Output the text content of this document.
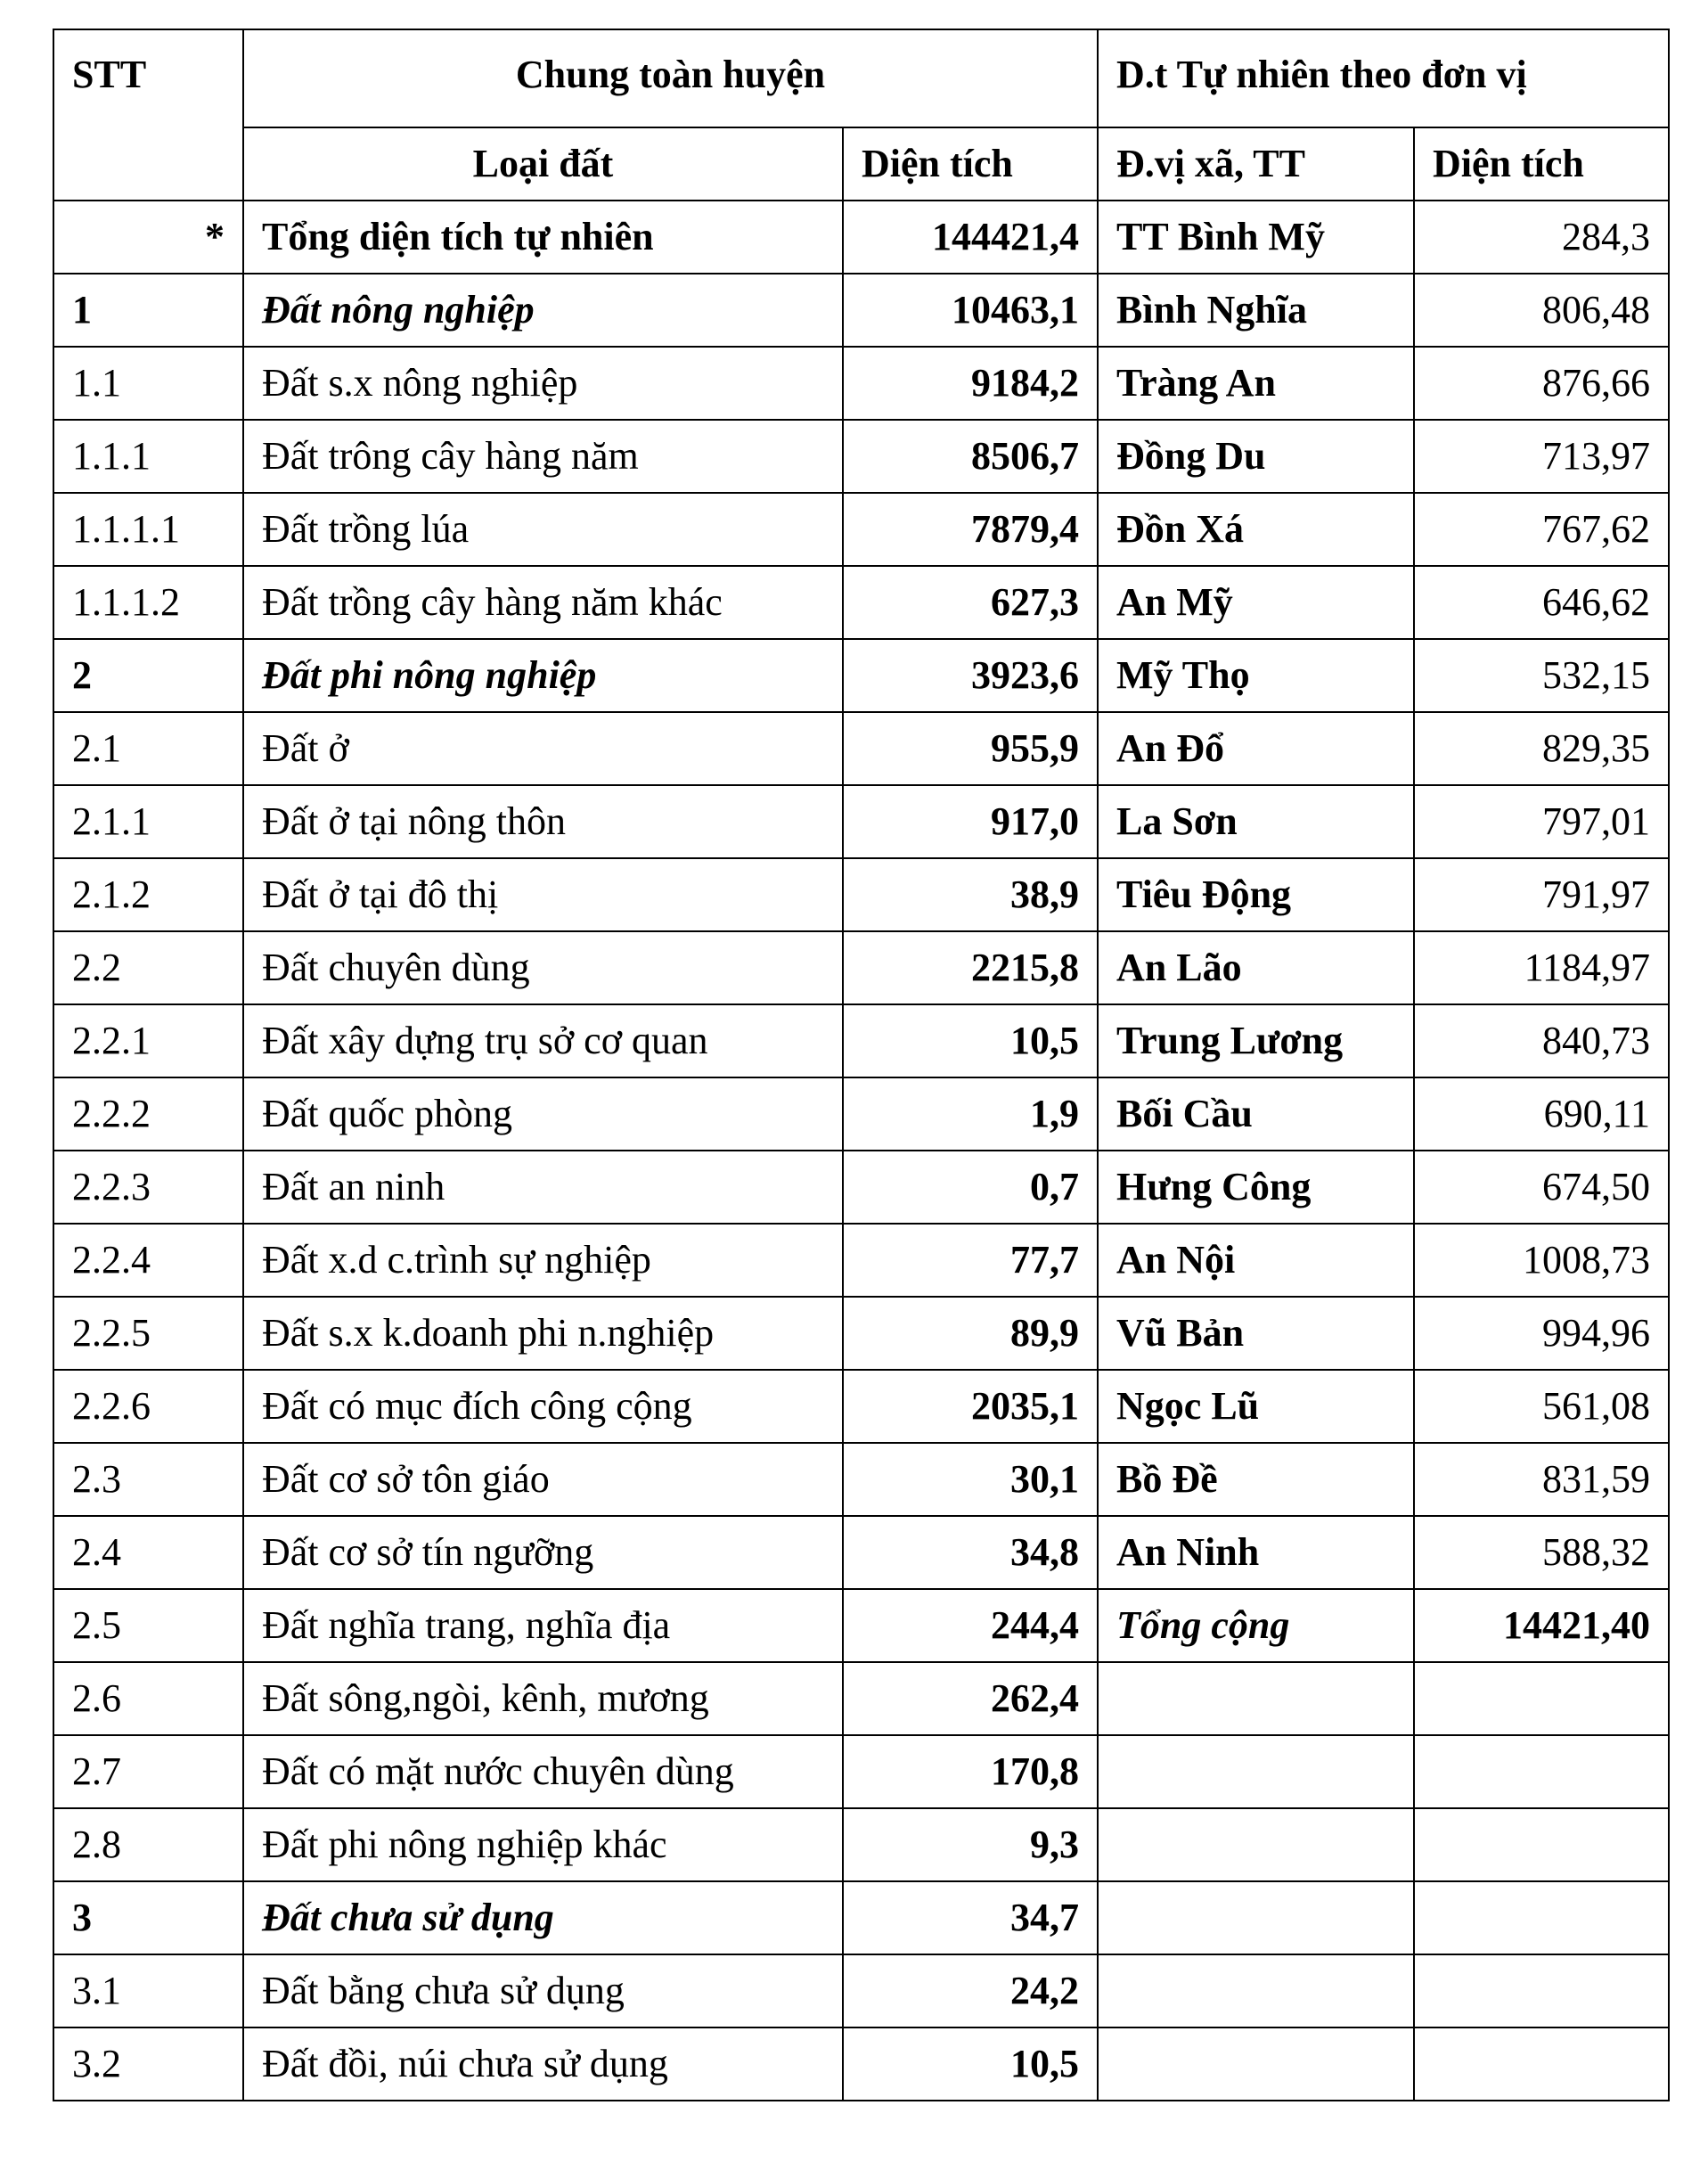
STT	Chung toàn huyện		D.t Tự nhiên theo đơn vị	
	Loại đất	Diện tích	Đ.vị xã, TT	Diện tích
*	Tổng diện tích tự nhiên	144421,4	TT Bình Mỹ	284,3
1	Đất nông nghiệp	10463,1	Bình Nghĩa	806,48
1.1	Đất s.x nông nghiệp	9184,2	Tràng An	876,66
1.1.1	Đất trông cây hàng năm	8506,7	Đồng Du	713,97
1.1.1.1	Đất trồng lúa	7879,4	Đồn Xá	767,62
1.1.1.2	Đất trồng cây hàng năm khác	627,3	An Mỹ	646,62
2	Đất phi nông nghiệp	3923,6	Mỹ Thọ	532,15
2.1	Đất ở	955,9	An Đổ	829,35
2.1.1	Đất ở tại nông thôn	917,0	La Sơn	797,01
2.1.2	Đất ở tại đô thị	38,9	Tiêu Động	791,97
2.2	Đất chuyên dùng	2215,8	An Lão	1184,97
2.2.1	Đất xây dựng trụ sở cơ quan	10,5	Trung Lương	840,73
2.2.2	Đất quốc phòng	1,9	Bối Cầu	690,11
2.2.3	Đất an ninh	0,7	Hưng Công	674,50
2.2.4	Đất x.d c.trình sự nghiệp	77,7	An Nội	1008,73
2.2.5	Đất s.x k.doanh phi n.nghiệp	89,9	Vũ Bản	994,96
2.2.6	Đất có mục đích công cộng	2035,1	Ngọc Lũ	561,08
2.3	Đất cơ sở tôn giáo	30,1	Bồ Đề	831,59
2.4	Đất cơ sở tín ngưỡng	34,8	An Ninh	588,32
2.5	Đất nghĩa trang, nghĩa địa	244,4	Tổng cộng	14421,40
2.6	Đất sông,ngòi, kênh, mương	262,4		
2.7	Đất có mặt nước chuyên dùng	170,8		
2.8	Đất phi nông nghiệp khác	9,3		
3	Đất chưa sử dụng	34,7		
3.1	Đất bằng chưa sử dụng	24,2		
3.2	Đất đồi, núi chưa sử dụng	10,5		
